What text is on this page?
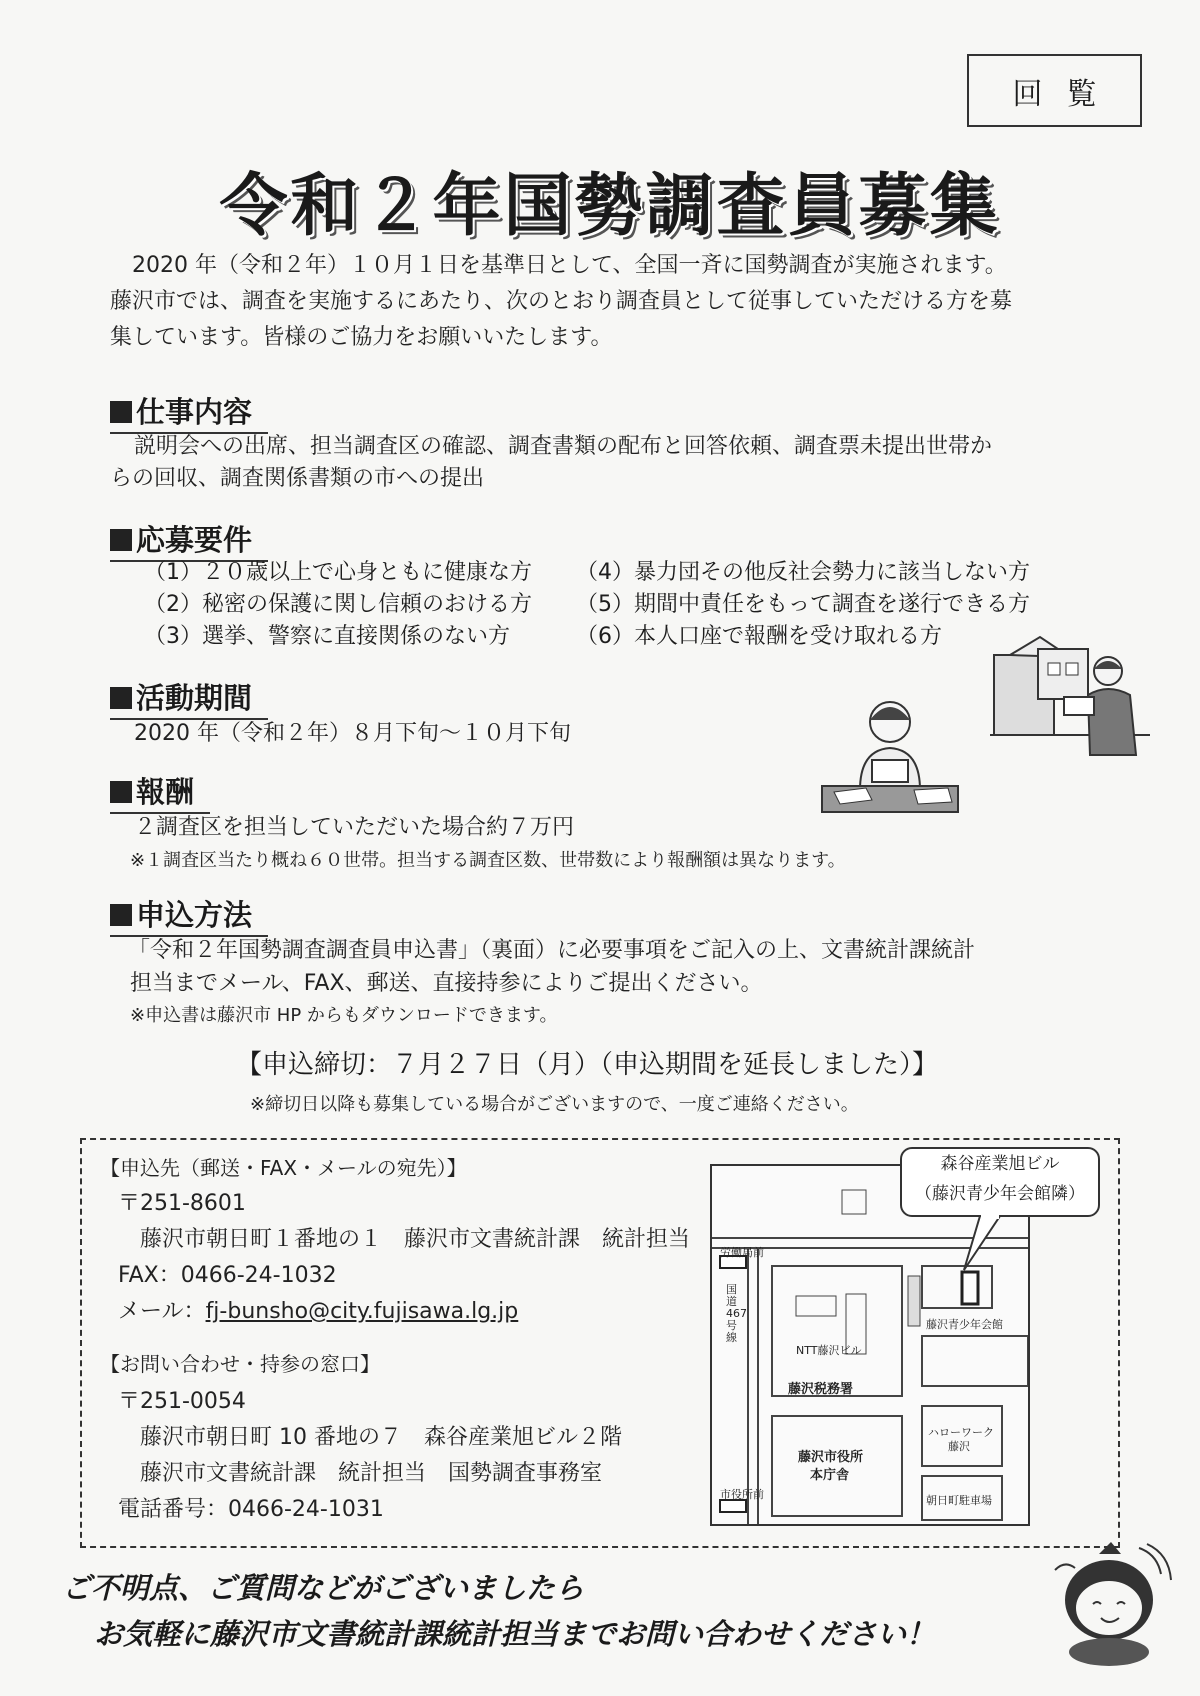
回覧
令和２年国勢調査員募集
2020 年（令和２年）１０月１日を基準日として、全国一斉に国勢調査が実施されます。
藤沢市では、調査を実施するにあたり、次のとおり調査員として従事していただける方を募
集しています。皆様のご協力をお願いいたします。
仕事内容
説明会への出席、担当調査区の確認、調査書類の配布と回答依頼、調査票未提出世帯か
らの回収、調査関係書類の市への提出
応募要件
（1）２０歳以上で心身ともに健康な方	（4）暴力団その他反社会勢力に該当しない方
（2）秘密の保護に関し信頼のおける方	（5）期間中責任をもって調査を遂行できる方
（3）選挙、警察に直接関係のない方	（6）本人口座で報酬を受け取れる方
活動期間
2020 年（令和２年）８月下旬～１０月下旬
報酬
２調査区を担当していただいた場合約７万円
※１調査区当たり概ね６０世帯。担当する調査区数、世帯数により報酬額は異なります。
申込方法
「令和２年国勢調査調査員申込書」（裏面）に必要事項をご記入の上、文書統計課統計
担当までメール、FAX、郵送、直接持参によりご提出ください。
※申込書は藤沢市 HP からもダウンロードできます。
【申込締切：７月２７日（月）（申込期間を延長しました）】
※締切日以降も募集している場合がございますので、一度ご連絡ください。
【申込先（郵送・FAX・メールの宛先）】
〒251-8601
藤沢市朝日町１番地の１　藤沢市文書統計課　統計担当
FAX：0466-24-1032
メール：fj-bunsho@city.fujisawa.lg.jp
【お問い合わせ・持参の窓口】
〒251-0054
藤沢市朝日町 10 番地の７　森谷産業旭ビル２階
藤沢市文書統計課　統計担当　国勢調査事務室
電話番号：0466-24-1031
労働局前
市役所前
NTT藤沢ビル
藤沢税務署
藤沢市役所
本庁舎
藤沢青少年会館
ハローワーク
藤沢
朝日町駐車場
国道467号線
森谷産業旭ビル
（藤沢青少年会館隣）
ご不明点、ご質問などがございましたら
お気軽に藤沢市文書統計課統計担当までお問い合わせください！
